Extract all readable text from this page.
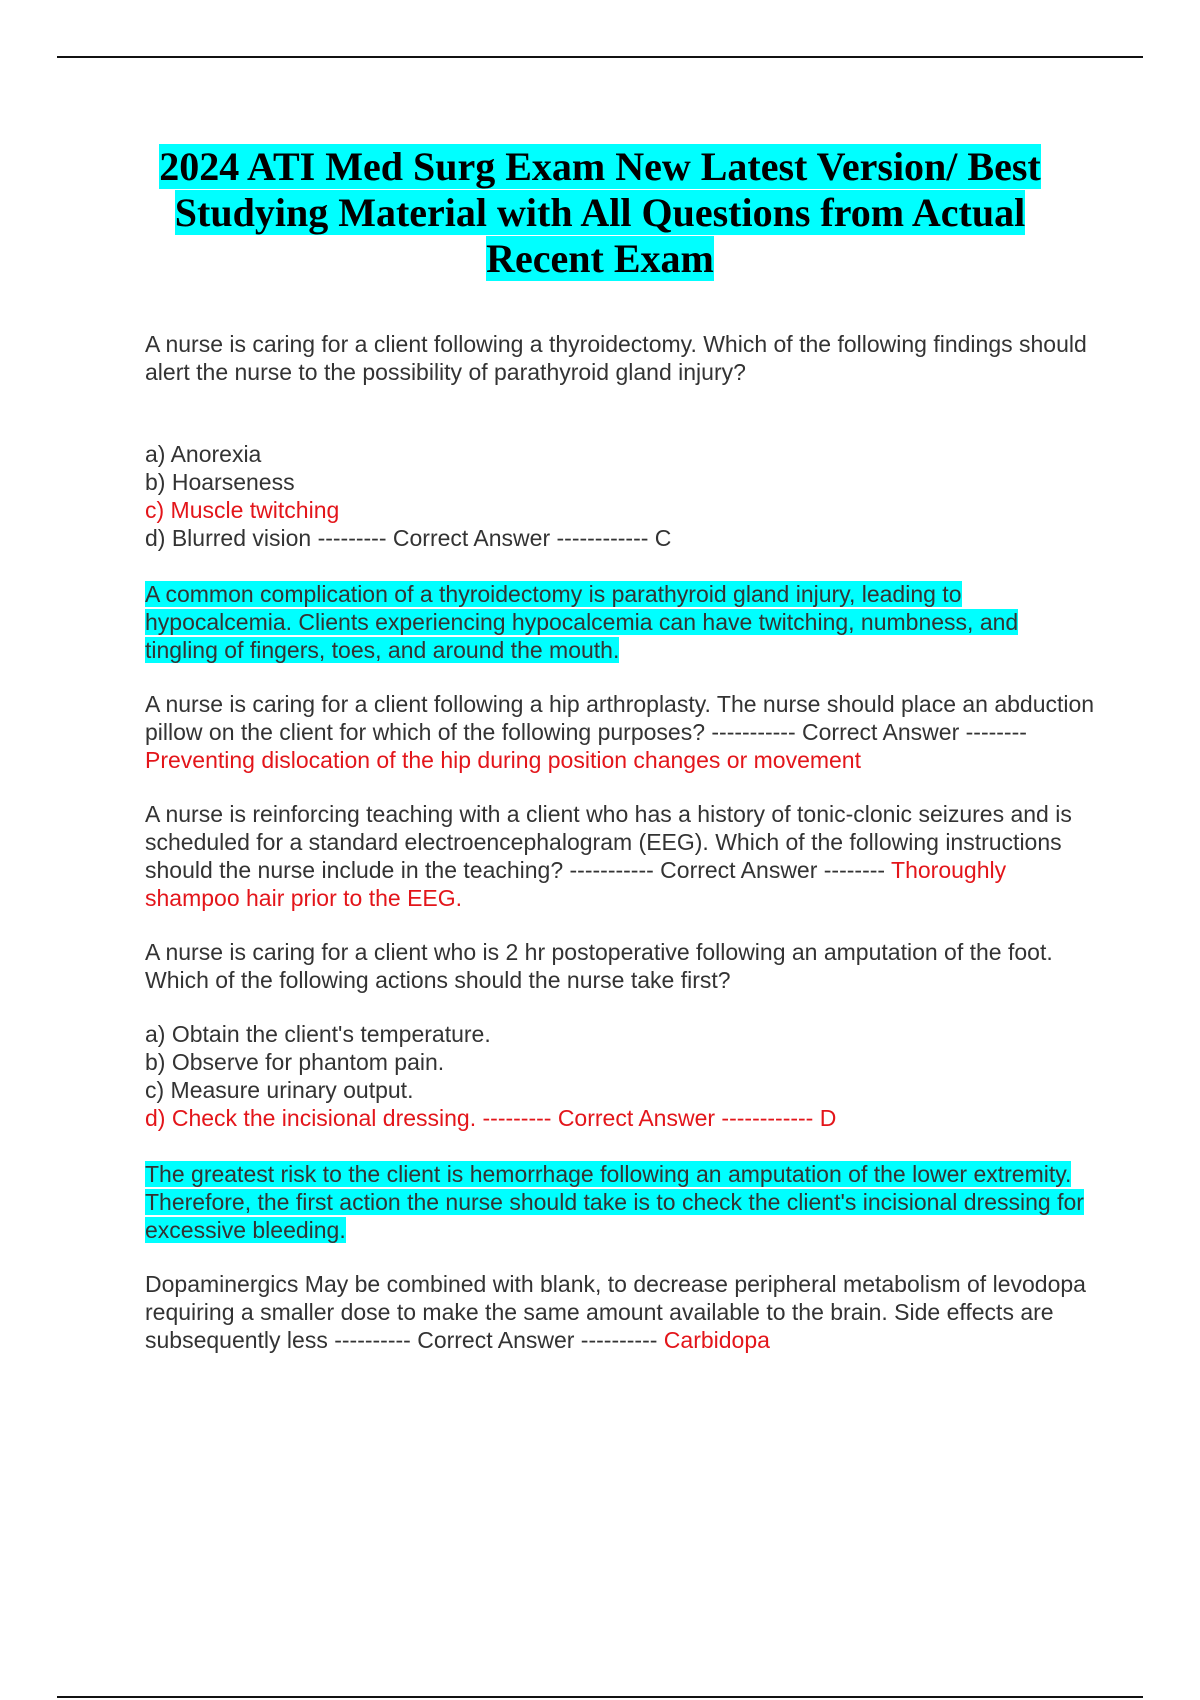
2024 ATI Med Surg Exam New Latest Version/ Best
Studying Material with All Questions from Actual
Recent Exam

A nurse is caring for a client following a thyroidectomy. Which of the following findings should alert the nurse to the possibility of parathyroid gland injury?

a) Anorexia

b) Hoarseness

c) Muscle twitching

d) Blurred vision --------- Correct Answer ------------ C

A common complication of a thyroidectomy is parathyroid gland injury, leading to hypocalcemia. Clients experiencing hypocalcemia can have twitching, numbness, and tingling of fingers, toes, and around the mouth.

A nurse is caring for a client following a hip arthroplasty. The nurse should place an abduction pillow on the client for which of the following purposes? ----------- Correct Answer -------- Preventing dislocation of the hip during position changes or movement

A nurse is reinforcing teaching with a client who has a history of tonic-clonic seizures and is scheduled for a standard electroencephalogram (EEG). Which of the following instructions should the nurse include in the teaching? ----------- Correct Answer -------- Thoroughly shampoo hair prior to the EEG.

A nurse is caring for a client who is 2 hr postoperative following an amputation of the foot. Which of the following actions should the nurse take first?

a) Obtain the client's temperature.

b) Observe for phantom pain.

c) Measure urinary output.

d) Check the incisional dressing. --------- Correct Answer ------------ D

The greatest risk to the client is hemorrhage following an amputation of the lower extremity. Therefore, the first action the nurse should take is to check the client's incisional dressing for excessive bleeding.

Dopaminergics May be combined with blank, to decrease peripheral metabolism of levodopa requiring a smaller dose to make the same amount available to the brain. Side effects are subsequently less ---------- Correct Answer ---------- Carbidopa
